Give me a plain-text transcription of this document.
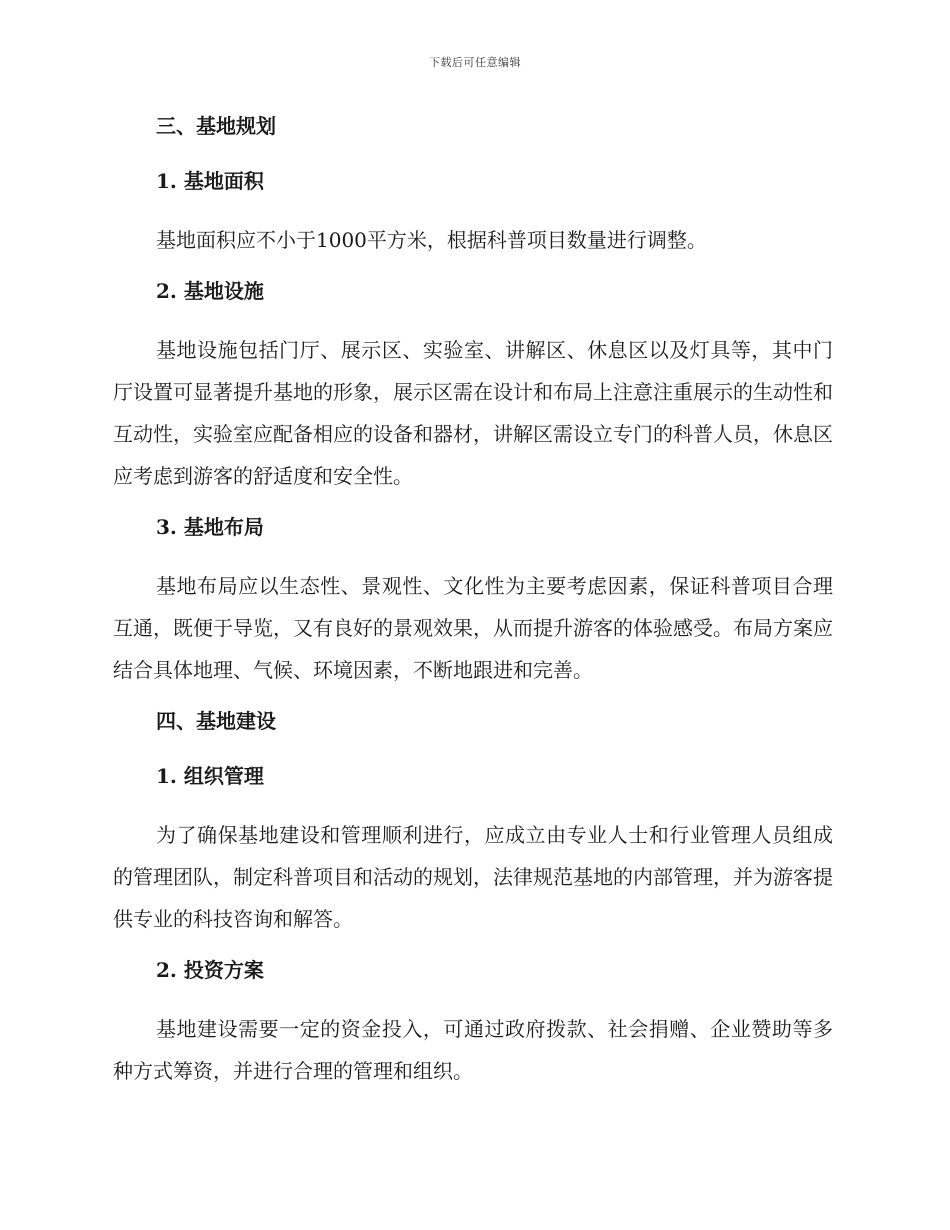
下载后可任意编辑
三、基地规划
1. 基地面积

基地面积应不小于1000平方米，根据科普项目数量进行调整。

2. 基地设施

基地设施包括门厅、展示区、实验室、讲解区、休息区以及灯具等，其中门厅设置可显著提升基地的形象，展示区需在设计和布局上注意注重展示的生动性和互动性，实验室应配备相应的设备和器材，讲解区需设立专门的科普人员，休息区应考虑到游客的舒适度和安全性。

3. 基地布局

基地布局应以生态性、景观性、文化性为主要考虑因素，保证科普项目合理互通，既便于导览，又有良好的景观效果，从而提升游客的体验感受。布局方案应结合具体地理、气候、环境因素，不断地跟进和完善。

四、基地建设
1. 组织管理

为了确保基地建设和管理顺利进行，应成立由专业人士和行业管理人员组成的管理团队，制定科普项目和活动的规划，法律规范基地的内部管理，并为游客提供专业的科技咨询和解答。

2. 投资方案

基地建设需要一定的资金投入，可通过政府拨款、社会捐赠、企业赞助等多种方式筹资，并进行合理的管理和组织。
